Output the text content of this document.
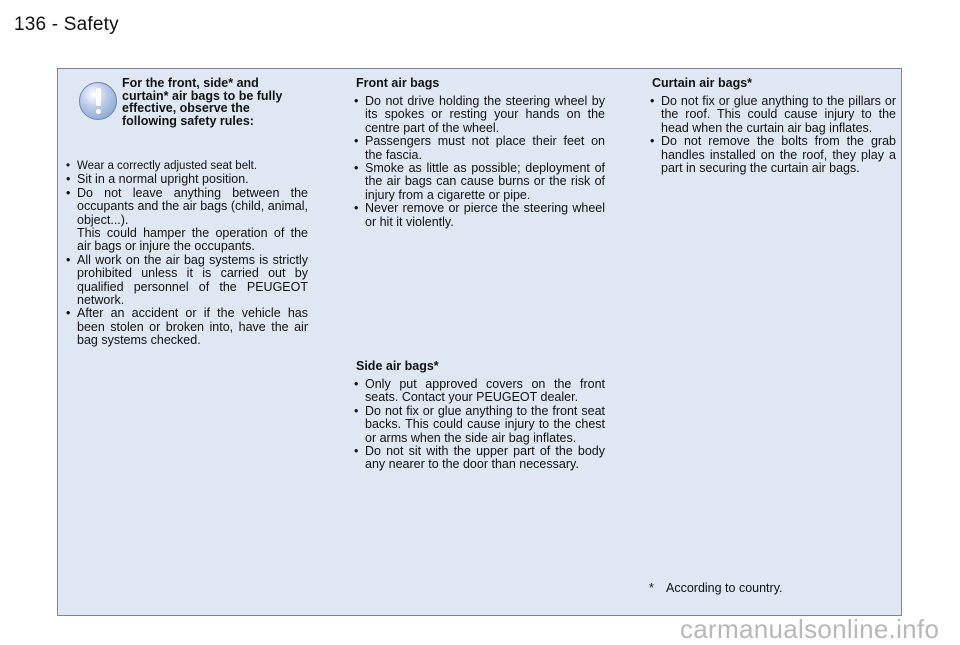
136 - Safety
For the front, side* and curtain* air bags to be fully effective, observe the following safety rules:
• Wear a correctly adjusted seat belt.
• Sit in a normal upright position.
• Do not leave anything between the occupants and the air bags (child, animal, object...).
This could hamper the operation of the air bags or injure the occupants.
• All work on the air bag systems is strictly prohibited unless it is carried out by qualified personnel of the PEUGEOT network.
• After an accident or if the vehicle has been stolen or broken into, have the air bag systems checked.
Front air bags
• Do not drive holding the steering wheel by its spokes or resting your hands on the centre part of the wheel.
• Passengers must not place their feet on the fascia.
• Smoke as little as possible; deployment of the air bags can cause burns or the risk of injury from a cigarette or pipe.
• Never remove or pierce the steering wheel or hit it violently.
Side air bags*
• Only put approved covers on the front seats. Contact your PEUGEOT dealer.
• Do not fix or glue anything to the front seat backs. This could cause injury to the chest or arms when the side air bag inflates.
• Do not sit with the upper part of the body any nearer to the door than necessary.
Curtain air bags*
• Do not fix or glue anything to the pillars or the roof. This could cause injury to the head when the curtain air bag inflates.
• Do not remove the bolts from the grab handles installed on the roof, they play a part in securing the curtain air bags.
* According to country.
carmanualsonline.info
